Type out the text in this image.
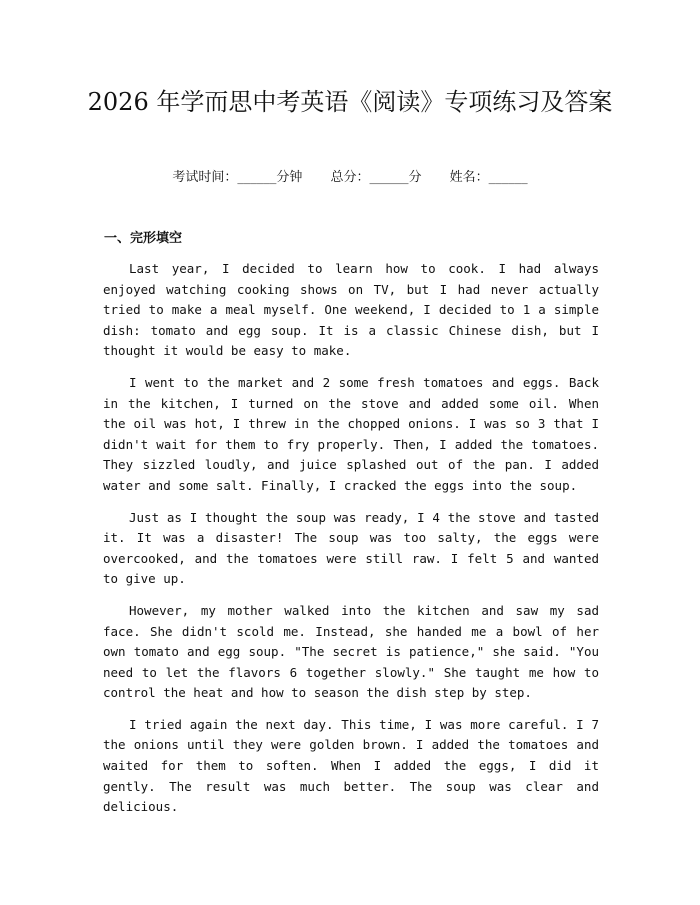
2026 年学而思中考英语《阅读》专项练习及答案
考试时间：______分钟 总分：______分 姓名：______
一、完形填空

Last year, I decided to learn how to cook. I had always enjoyed watching cooking shows on TV, but I had never actually tried to make a meal myself. One weekend, I decided to 1 a simple dish: tomato and egg soup. It is a classic Chinese dish, but I thought it would be easy to make.

I went to the market and 2 some fresh tomatoes and eggs. Back in the kitchen, I turned on the stove and added some oil. When the oil was hot, I threw in the chopped onions. I was so 3 that I didn't wait for them to fry properly. Then, I added the tomatoes. They sizzled loudly, and juice splashed out of the pan. I added water and some salt. Finally, I cracked the eggs into the soup.

Just as I thought the soup was ready, I 4 the stove and tasted it. It was a disaster! The soup was too salty, the eggs were overcooked, and the tomatoes were still raw. I felt 5 and wanted to give up.

However, my mother walked into the kitchen and saw my sad face. She didn't scold me. Instead, she handed me a bowl of her own tomato and egg soup. "The secret is patience," she said. "You need to let the flavors 6 together slowly." She taught me how to control the heat and how to season the dish step by step.

I tried again the next day. This time, I was more careful. I 7 the onions until they were golden brown. I added the tomatoes and waited for them to soften. When I added the eggs, I did it gently. The result was much better. The soup was clear and delicious.
